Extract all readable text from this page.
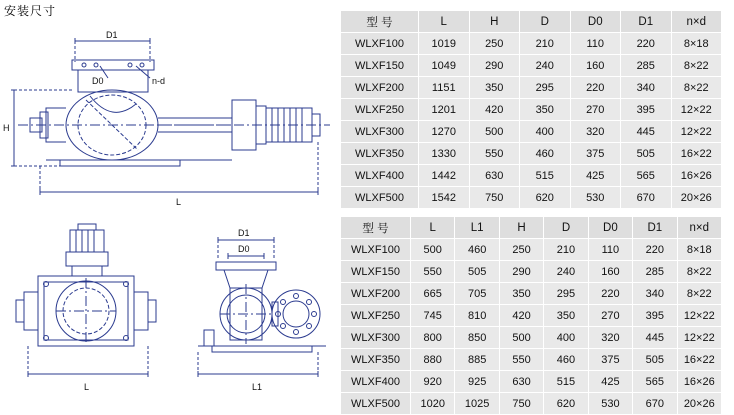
安装尺寸
D1
D0	n-d
H
L
L
D1
D0
L1
型 号	L	H	D	D0	D1	n×d
WLXF100	1019	250	210	110	220	8×18
WLXF150	1049	290	240	160	285	8×22
WLXF200	1151	350	295	220	340	8×22
WLXF250	1201	420	350	270	395	12×22
WLXF300	1270	500	400	320	445	12×22
WLXF350	1330	550	460	375	505	16×22
WLXF400	1442	630	515	425	565	16×26
WLXF500	1542	750	620	530	670	20×26
型 号	L	L1	H	D	D0	D1	n×d
WLXF100	500	460	250	210	110	220	8×18
WLXF150	550	505	290	240	160	285	8×22
WLXF200	665	705	350	295	220	340	8×22
WLXF250	745	810	420	350	270	395	12×22
WLXF300	800	850	500	400	320	445	12×22
WLXF350	880	885	550	460	375	505	16×22
WLXF400	920	925	630	515	425	565	16×26
WLXF500	1020	1025	750	620	530	670	20×26
